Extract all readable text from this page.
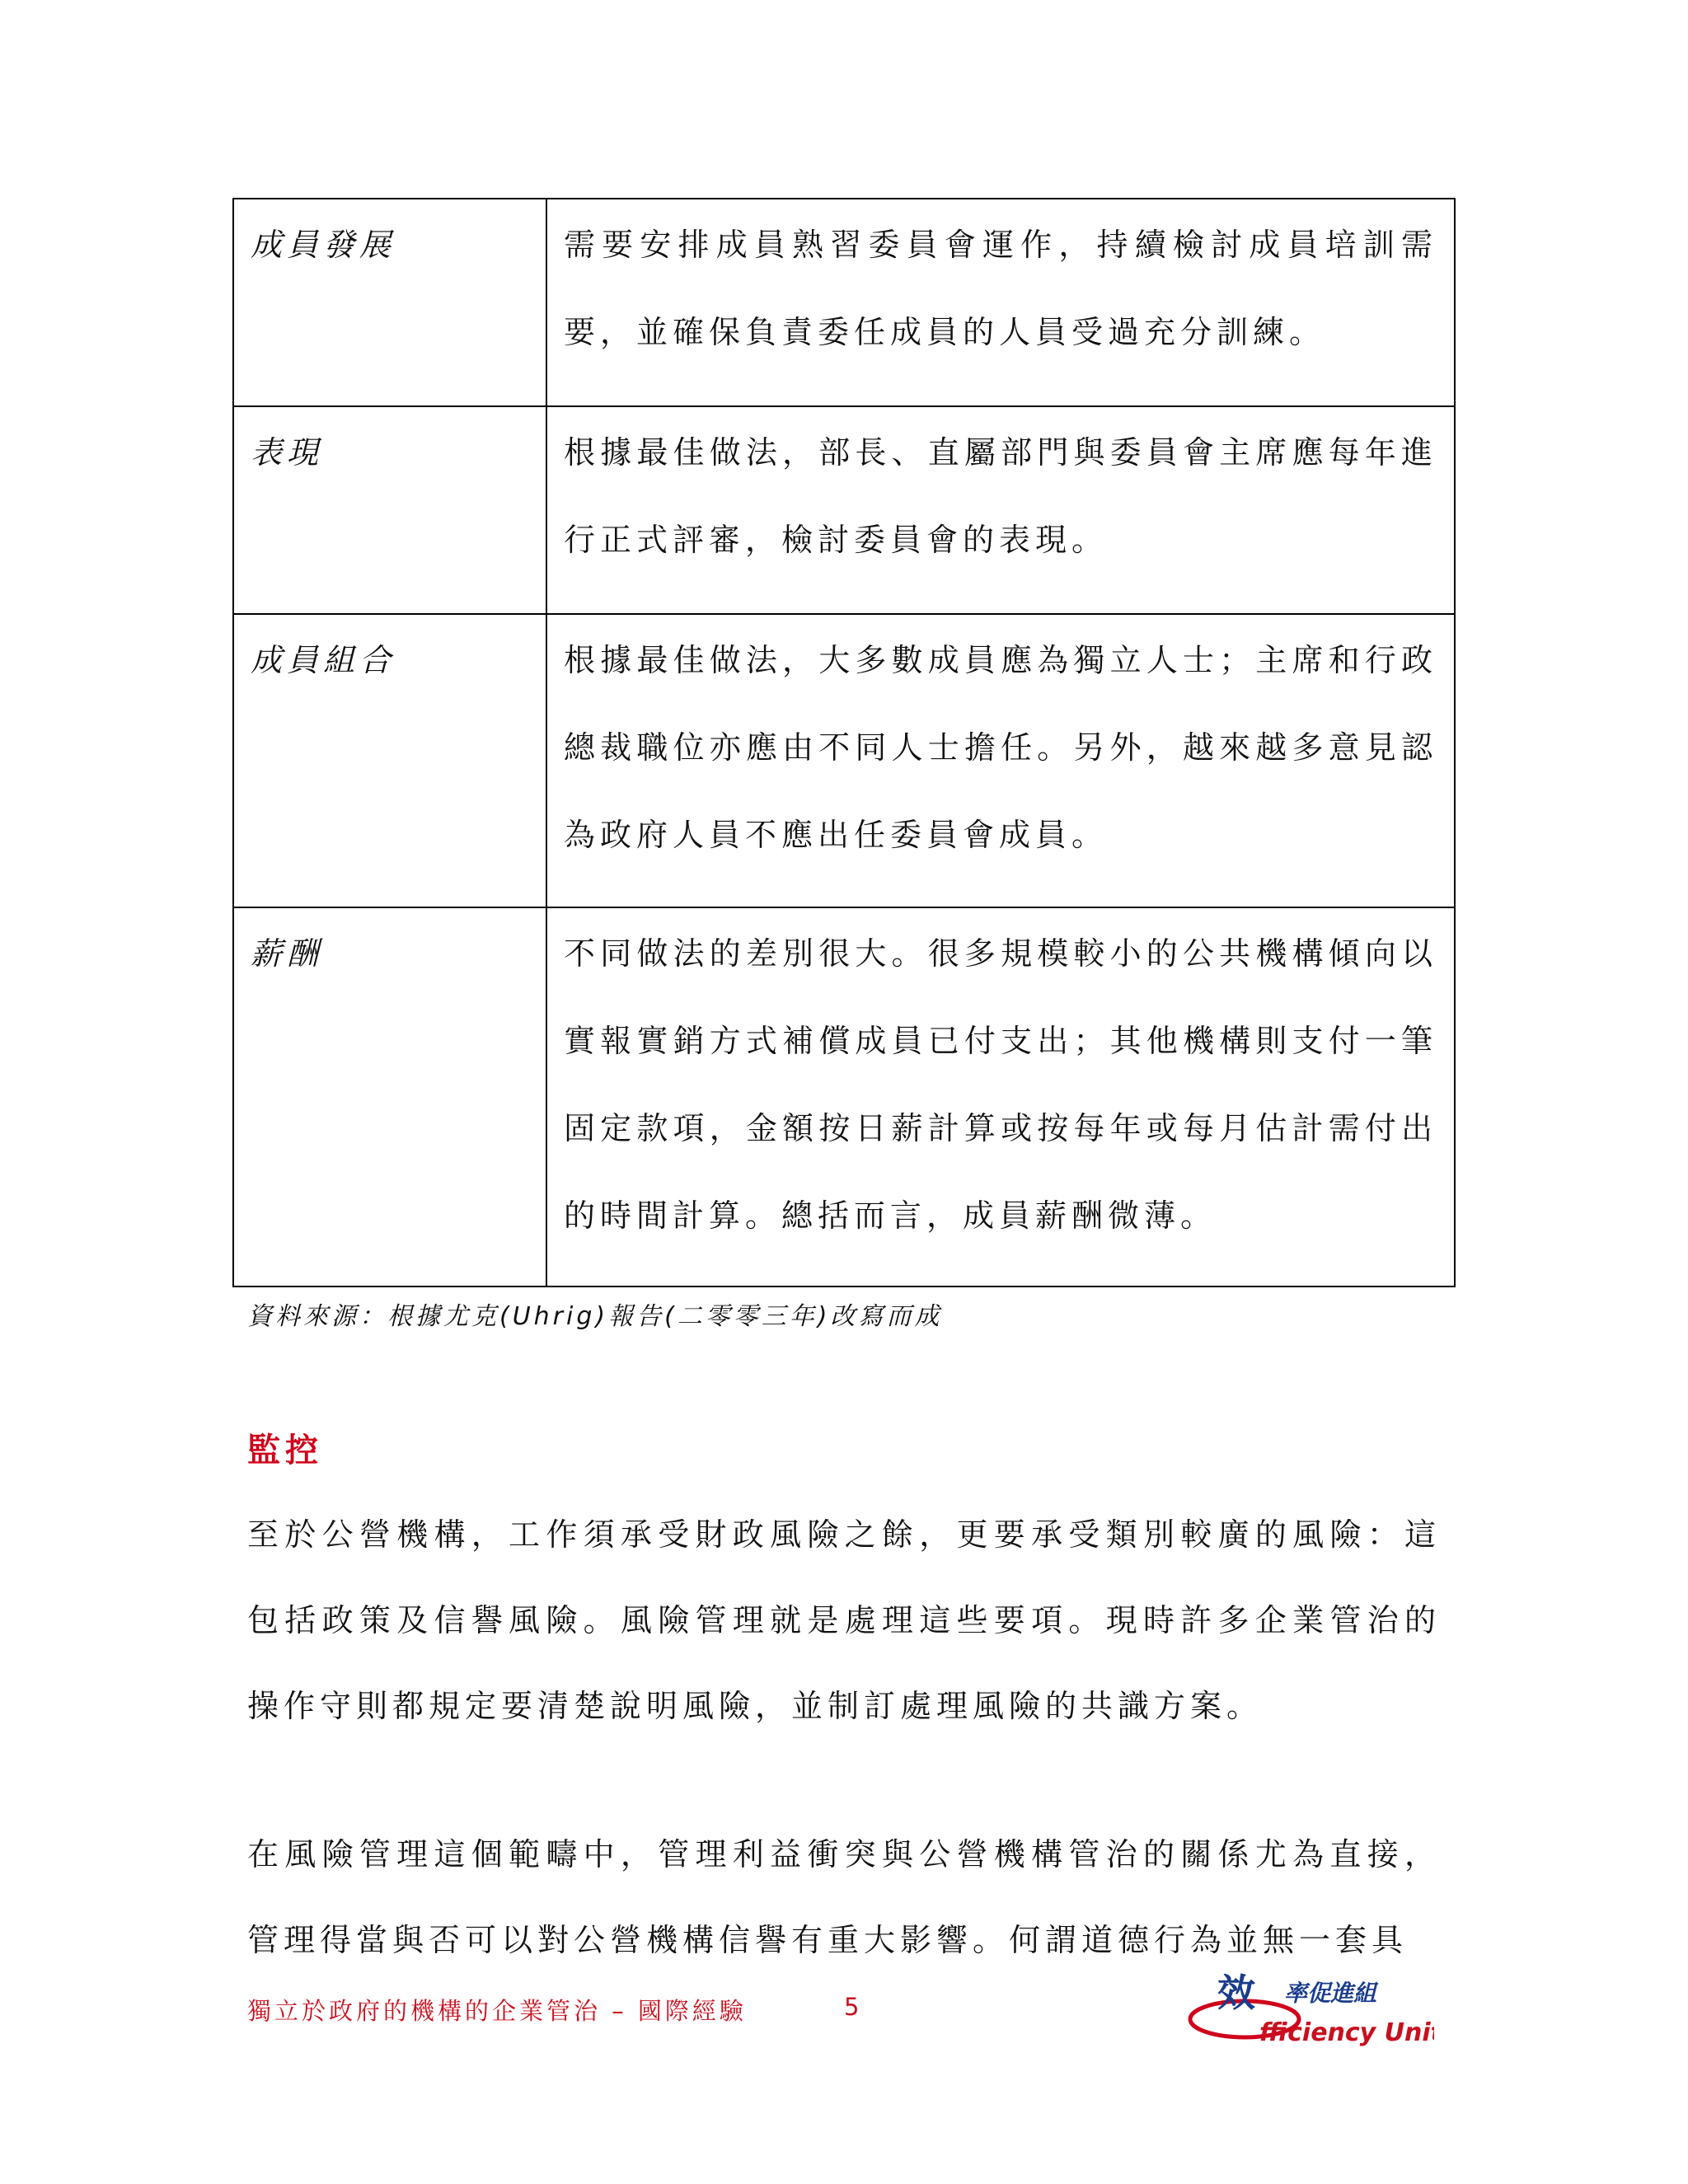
成員發展	需要安排成員熟習委員會運作，持續檢討成員培訓需要，並確保負責委任成員的人員受過充分訓練。

表現	根據最佳做法，部長、直屬部門與委員會主席應每年進行正式評審，檢討委員會的表現。

成員組合	根據最佳做法，大多數成員應為獨立人士；主席和行政總裁職位亦應由不同人士擔任。另外，越來越多意見認為政府人員不應出任委員會成員。

薪酬	不同做法的差別很大。很多規模較小的公共機構傾向以實報實銷方式補償成員已付支出；其他機構則支付一筆固定款項，金額按日薪計算或按每年或每月估計需付出的時間計算。總括而言，成員薪酬微薄。
資料來源：根據尤克(Uhrig)報告(二零零三年)改寫而成
監控
至於公營機構，工作須承受財政風險之餘，更要承受類別較廣的風險：這包括政策及信譽風險。風險管理就是處理這些要項。現時許多企業管治的操作守則都規定要清楚說明風險，並制訂處理風險的共識方案。
在風險管理這個範疇中，管理利益衝突與公營機構管治的關係尤為直接，管理得當與否可以對公營機構信譽有重大影響。何謂道德行為並無一套具
獨立於政府的機構的企業管治 – 國際經驗	5	效 率促進組
fficiency Unit
